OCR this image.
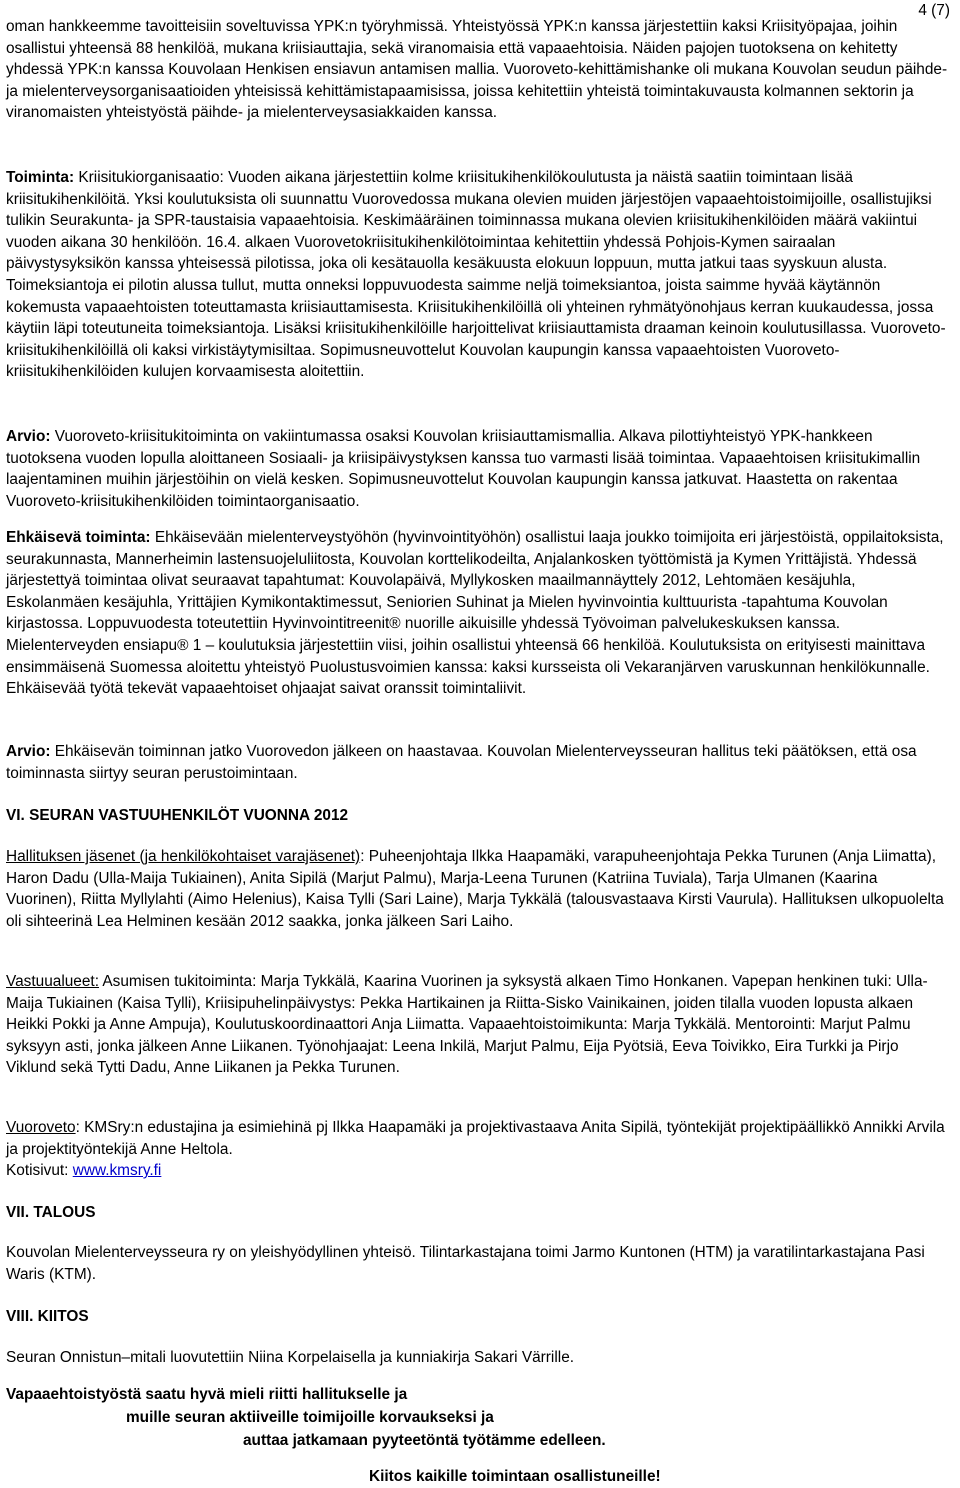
4 (7)

oman hankkeemme tavoitteisiin soveltuvissa YPK:n työryhmissä. Yhteistyössä YPK:n kanssa järjestettiin kaksi Kriisityöpajaa, joihin osallistui yhteensä 88 henkilöä, mukana kriisiauttajia, sekä viranomaisia että vapaaehtoisia. Näiden pajojen tuotoksena on kehitetty yhdessä YPK:n kanssa Kouvolaan Henkisen ensiavun antamisen mallia. Vuoroveto-kehittämishanke oli mukana Kouvolan seudun päihde- ja mielenterveysorganisaatioiden yhteisissä kehittämistapaamisissa, joissa kehitettiin yhteistä toimintakuvausta kolmannen sektorin ja viranomaisten yhteistyöstä päihde- ja mielenterveysasiakkaiden kanssa.

Toiminta: Kriisitukiorganisaatio: Vuoden aikana järjestettiin kolme kriisitukihenkilökoulutusta ja näistä saatiin toimintaan lisää kriisitukihenkilöitä. Yksi koulutuksista oli suunnattu Vuorovedossa mukana olevien muiden järjestöjen vapaaehtoistoimijoille, osallistujiksi tulikin Seurakunta- ja SPR-taustaisia vapaaehtoisia. Keskimääräinen toiminnassa mukana olevien kriisitukihenkilöiden määrä vakiintui vuoden aikana 30 henkilöön. 16.4. alkaen Vuorovetokriisitukihenkilötoimintaa kehitettiin yhdessä Pohjois-Kymen sairaalan päivystysyksikön kanssa yhteisessä pilotissa, joka oli kesätauolla kesäkuusta elokuun loppuun, mutta jatkui taas syyskuun alusta. Toimeksiantoja ei pilotin alussa tullut, mutta onneksi loppuvuodesta saimme neljä toimeksiantoa, joista saimme hyvää käytännön kokemusta vapaaehtoisten toteuttamasta kriisiauttamisesta. Kriisitukihenkilöillä oli yhteinen ryhmätyönohjaus kerran kuukaudessa, jossa käytiin läpi toteutuneita toimeksiantoja. Lisäksi kriisitukihenkilöille harjoittelivat kriisiauttamista draaman keinoin koulutusillassa. Vuoroveto-kriisitukihenkilöillä oli kaksi virkistäytymisiltaa. Sopimusneuvottelut Kouvolan kaupungin kanssa vapaaehtoisten Vuoroveto-kriisitukihenkilöiden kulujen korvaamisesta aloitettiin.

Arvio: Vuoroveto-kriisitukitoiminta on vakiintumassa osaksi Kouvolan kriisiauttamismallia. Alkava pilottiyhteistyö YPK-hankkeen tuotoksena vuoden lopulla aloittaneen Sosiaali- ja kriisipäivystyksen kanssa tuo varmasti lisää toimintaa. Vapaaehtoisen kriisitukimallin laajentaminen muihin järjestöihin on vielä kesken. Sopimusneuvottelut Kouvolan kaupungin kanssa jatkuvat. Haastetta on rakentaa Vuoroveto-kriisitukihenkilöiden toimintaorganisaatio.

Ehkäisevä toiminta: Ehkäisevään mielenterveystyöhön (hyvinvointityöhön) osallistui laaja joukko toimijoita eri järjestöistä, oppilaitoksista, seurakunnasta, Mannerheimin lastensuojeluliitosta, Kouvolan korttelikodeilta, Anjalankosken työttömistä ja Kymen Yrittäjistä. Yhdessä järjestettyä toimintaa olivat seuraavat tapahtumat: Kouvolapäivä, Myllykosken maailmannäyttely 2012, Lehtomäen kesäjuhla, Eskolanmäen kesäjuhla, Yrittäjien Kymikontaktimessut, Seniorien Suhinat ja Mielen hyvinvointia kulttuurista -tapahtuma Kouvolan kirjastossa. Loppuvuodesta toteutettiin Hyvinvointitreenit® nuorille aikuisille yhdessä Työvoiman palvelukeskuksen kanssa. Mielenterveyden ensiapu® 1 – koulutuksia järjestettiin viisi, joihin osallistui yhteensä 66 henkilöä. Koulutuksista on erityisesti mainittava ensimmäisenä Suomessa aloitettu yhteistyö Puolustusvoimien kanssa: kaksi kursseista oli Vekaranjärven varuskunnan henkilökunnalle. Ehkäisevää työtä tekevät vapaaehtoiset ohjaajat saivat oranssit toimintaliivit.

Arvio: Ehkäisevän toiminnan jatko Vuorovedon jälkeen on haastavaa. Kouvolan Mielenterveysseuran hallitus teki päätöksen, että osa toiminnasta siirtyy seuran perustoimintaan.

VI. SEURAN VASTUUHENKILÖT VUONNA 2012

Hallituksen jäsenet (ja henkilökohtaiset varajäsenet): Puheenjohtaja Ilkka Haapamäki, varapuheenjohtaja Pekka Turunen (Anja Liimatta), Haron Dadu (Ulla-Maija Tukiainen), Anita Sipilä (Marjut Palmu), Marja-Leena Turunen (Katriina Tuviala), Tarja Ulmanen (Kaarina Vuorinen), Riitta Myllylahti (Aimo Helenius), Kaisa Tylli (Sari Laine), Marja Tykkälä (talousvastaava Kirsti Vaurula). Hallituksen ulkopuolelta oli sihteerinä Lea Helminen kesään 2012 saakka, jonka jälkeen Sari Laiho.

Vastuualueet: Asumisen tukitoiminta: Marja Tykkälä, Kaarina Vuorinen ja syksystä alkaen Timo Honkanen. Vapepan henkinen tuki: Ulla-Maija Tukiainen (Kaisa Tylli), Kriisipuhelinpäivystys: Pekka Hartikainen ja Riitta-Sisko Vainikainen, joiden tilalla vuoden lopusta alkaen Heikki Pokki ja Anne Ampuja), Koulutuskoordinaattori Anja Liimatta. Vapaaehtoistoimikunta: Marja Tykkälä. Mentorointi: Marjut Palmu syksyyn asti, jonka jälkeen Anne Liikanen. Työnohjaajat: Leena Inkilä, Marjut Palmu, Eija Pyötsiä, Eeva Toivikko, Eira Turkki ja Pirjo Viklund sekä Tytti Dadu, Anne Liikanen ja Pekka Turunen.

Vuoroveto: KMSry:n edustajina ja esimiehinä pj Ilkka Haapamäki ja projektivastaava Anita Sipilä, työntekijät projektipäällikkö Annikki Arvila ja projektityöntekijä Anne Heltola.

Kotisivut: www.kmsry.fi

VII. TALOUS

Kouvolan Mielenterveysseura ry on yleishyödyllinen yhteisö. Tilintarkastajana toimi Jarmo Kuntonen (HTM) ja varatilintarkastajana Pasi Waris (KTM).

VIII. KIITOS

Seuran Onnistun–mitali luovutettiin Niina Korpelaisella ja kunniakirja Sakari Värrille.

Vapaaehtoistyöstä saatu hyvä mieli riitti hallitukselle ja
muille seuran aktiiveille toimijoille korvaukseksi ja
auttaa jatkamaan pyyteetöntä työtämme edelleen.
Kiitos kaikille toimintaan osallistuneille!
